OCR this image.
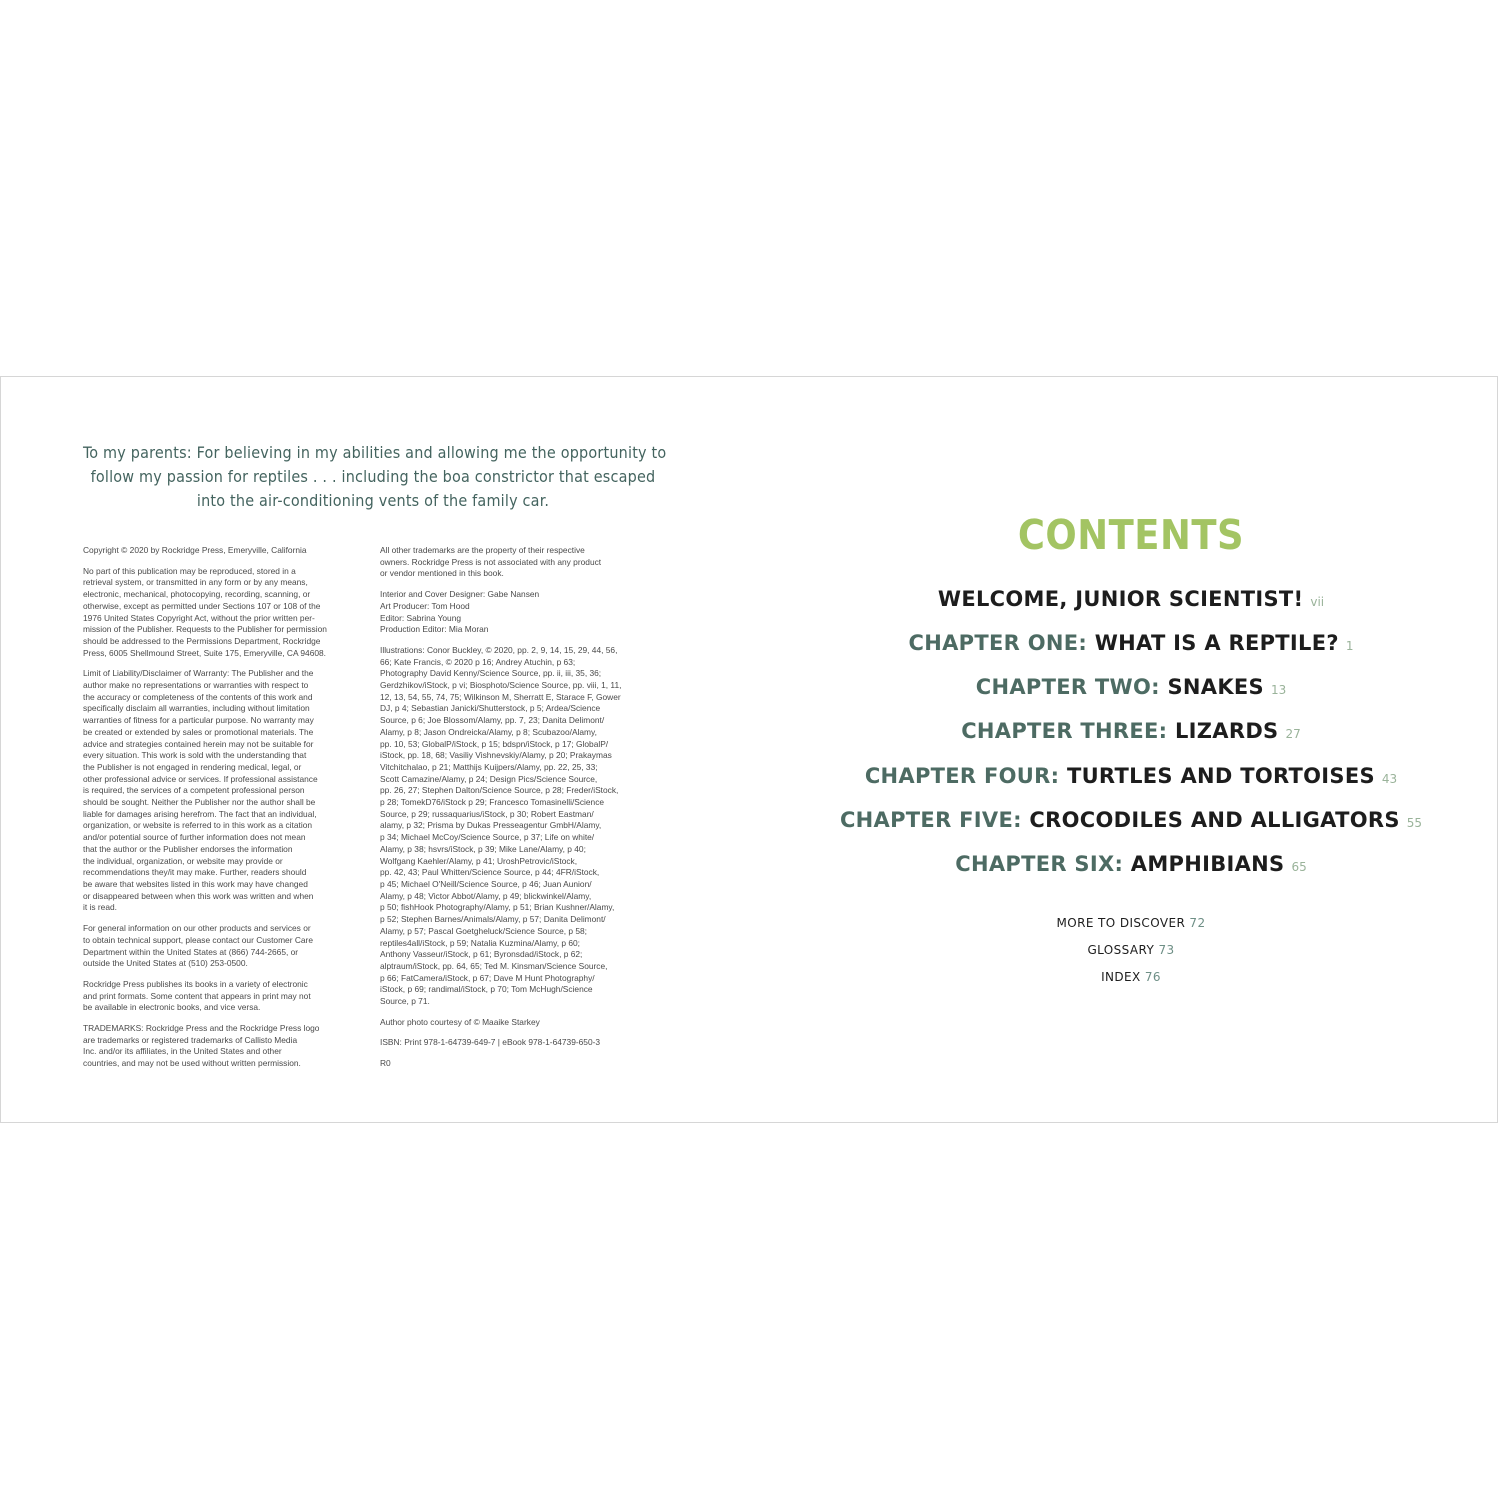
To my parents: For believing in my abilities and allowing me the opportunity to
follow my passion for reptiles . . . including the boa constrictor that escaped
into the air-conditioning vents of the family car.

Copyright © 2020 by Rockridge Press, Emeryville, California

No part of this publication may be reproduced, stored in a
retrieval system, or transmitted in any form or by any means,
electronic, mechanical, photocopying, recording, scanning, or
otherwise, except as permitted under Sections 107 or 108 of the
1976 United States Copyright Act, without the prior written per-
mission of the Publisher. Requests to the Publisher for permission
should be addressed to the Permissions Department, Rockridge
Press, 6005 Shellmound Street, Suite 175, Emeryville, CA 94608.

Limit of Liability/Disclaimer of Warranty: The Publisher and the
author make no representations or warranties with respect to
the accuracy or completeness of the contents of this work and
specifically disclaim all warranties, including without limitation
warranties of fitness for a particular purpose. No warranty may
be created or extended by sales or promotional materials. The
advice and strategies contained herein may not be suitable for
every situation. This work is sold with the understanding that
the Publisher is not engaged in rendering medical, legal, or
other professional advice or services. If professional assistance
is required, the services of a competent professional person
should be sought. Neither the Publisher nor the author shall be
liable for damages arising herefrom. The fact that an individual,
organization, or website is referred to in this work as a citation
and/or potential source of further information does not mean
that the author or the Publisher endorses the information
the individual, organization, or website may provide or
recommendations they/it may make. Further, readers should
be aware that websites listed in this work may have changed
or disappeared between when this work was written and when
it is read.

For general information on our other products and services or
to obtain technical support, please contact our Customer Care
Department within the United States at (866) 744-2665, or
outside the United States at (510) 253-0500.

Rockridge Press publishes its books in a variety of electronic
and print formats. Some content that appears in print may not
be available in electronic books, and vice versa.

TRADEMARKS: Rockridge Press and the Rockridge Press logo
are trademarks or registered trademarks of Callisto Media
Inc. and/or its affiliates, in the United States and other
countries, and may not be used without written permission.

All other trademarks are the property of their respective
owners. Rockridge Press is not associated with any product
or vendor mentioned in this book.

Interior and Cover Designer: Gabe Nansen
Art Producer: Tom Hood
Editor: Sabrina Young
Production Editor: Mia Moran

Illustrations: Conor Buckley, © 2020, pp. 2, 9, 14, 15, 29, 44, 56,
66; Kate Francis, © 2020 p 16; Andrey Atuchin, p 63;
Photography David Kenny/Science Source, pp. ii, iii, 35, 36;
Gerdzhikov/iStock, p vi; Biosphoto/Science Source, pp. viii, 1, 11,
12, 13, 54, 55, 74, 75; Wilkinson M, Sherratt E, Starace F, Gower
DJ, p 4; Sebastian Janicki/Shutterstock, p 5; Ardea/Science
Source, p 6; Joe Blossom/Alamy, pp. 7, 23; Danita Delimont/
Alamy, p 8; Jason Ondreicka/Alamy, p 8; Scubazoo/Alamy,
pp. 10, 53; GlobalP/iStock, p 15; bdspn/iStock, p 17; GlobalP/
iStock, pp. 18, 68; Vasiliy Vishnevskiy/Alamy, p 20; Prakaymas
Vitchitchalao, p 21; Matthijs Kuijpers/Alamy, pp. 22, 25, 33;
Scott Camazine/Alamy, p 24; Design Pics/Science Source,
pp. 26, 27; Stephen Dalton/Science Source, p 28; Freder/iStock,
p 28; TomekD76/iStock p 29; Francesco Tomasinelli/Science
Source, p 29; russaquarius/iStock, p 30; Robert Eastman/
alamy, p 32; Prisma by Dukas Presseagentur GmbH/Alamy,
p 34; Michael McCoy/Science Source, p 37; Life on white/
Alamy, p 38; hsvrs/iStock, p 39; Mike Lane/Alamy, p 40;
Wolfgang Kaehler/Alamy, p 41; UroshPetrovic/iStock,
pp. 42, 43; Paul Whitten/Science Source, p 44; 4FR/iStock,
p 45; Michael O'Neill/Science Source, p 46; Juan Aunion/
Alamy, p 48; Victor Abbot/Alamy, p 49; blickwinkel/Alamy,
p 50; fishHook Photography/Alamy, p 51; Brian Kushner/Alamy,
p 52; Stephen Barnes/Animals/Alamy, p 57; Danita Delimont/
Alamy, p 57; Pascal Goetgheluck/Science Source, p 58;
reptiles4all/iStock, p 59; Natalia Kuzmina/Alamy, p 60;
Anthony Vasseur/iStock, p 61; Byronsdad/iStock, p 62;
alptraum/iStock, pp. 64, 65; Ted M. Kinsman/Science Source,
p 66; FatCamera/iStock, p 67; Dave M Hunt Photography/
iStock, p 69; randimal/iStock, p 70; Tom McHugh/Science
Source, p 71.

Author photo courtesy of © Maaike Starkey

ISBN: Print 978-1-64739-649-7 | eBook 978-1-64739-650-3

R0

CONTENTS
WELCOME, JUNIOR SCIENTIST! vii
CHAPTER ONE: WHAT IS A REPTILE? 1
CHAPTER TWO: SNAKES 13
CHAPTER THREE: LIZARDS 27
CHAPTER FOUR: TURTLES AND TORTOISES 43
CHAPTER FIVE: CROCODILES AND ALLIGATORS 55
CHAPTER SIX: AMPHIBIANS 65
MORE TO DISCOVER 72
GLOSSARY 73
INDEX 76
